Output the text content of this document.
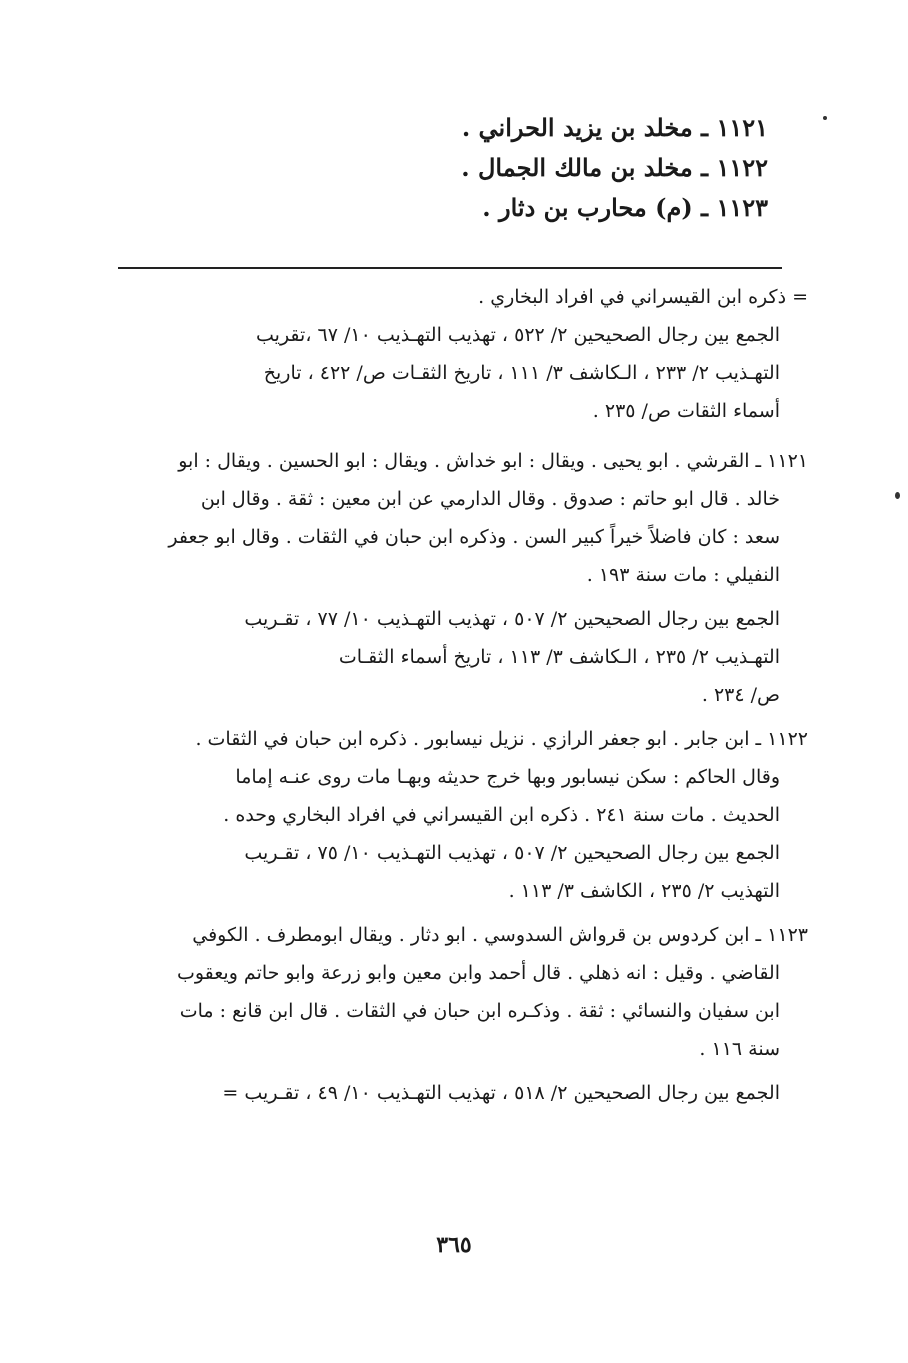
١١٢١ ـ مخلد بن يزيد الحراني .
١١٢٢ ـ مخلد بن مالك الجمال .
١١٢٣ ـ (م) محارب بن دثار .
= ذكره ابن القيسراني في افراد البخاري .
الجمع بين رجال الصحيحين ٢/ ٥٢٢ ، تهذيب التهـذيب ١٠/ ٦٧ ،تقريب
التهـذيب ٢/ ٢٣٣ ، الـكاشف ٣/ ١١١ ، تاريخ الثقـات ص/ ٤٢٢ ، تاريخ
أسماء الثقات ص/ ٢٣٥ .
١١٢١ ـ القرشي . ابو يحيى . ويقال : ابو خداش . ويقال : ابو الحسين . ويقال : ابو
خالد . قال ابو حاتم : صدوق . وقال الدارمي عن ابن معين : ثقة . وقال ابن
سعد : كان فاضلاً خيراً كبير السن . وذكره ابن حبان في الثقات . وقال ابو جعفر
النفيلي : مات سنة ١٩٣ .
الجمع بين رجال الصحيحين ٢/ ٥٠٧ ، تهذيب التهـذيب ١٠/ ٧٧ ، تقـريب
التهـذيب ٢/ ٢٣٥ ، الـكاشف ٣/ ١١٣ ، تاريخ أسماء الثقـات
ص/ ٢٣٤ .
١١٢٢ ـ ابن جابر . ابو جعفر الرازي . نزيل نيسابور . ذكره ابن حبان في الثقات .
وقال الحاكم : سكن نيسابور وبها خرج حديثه وبهـا مات روى عنـه إماما
الحديث . مات سنة ٢٤١ . ذكره ابن القيسراني في افراد البخاري وحده .
الجمع بين رجال الصحيحين ٢/ ٥٠٧ ، تهذيب التهـذيب ١٠/ ٧٥ ، تقـريب
التهذيب ٢/ ٢٣٥ ، الكاشف ٣/ ١١٣ .
١١٢٣ ـ ابن كردوس بن قرواش السدوسي . ابو دثار . ويقال ابومطرف . الكوفي
القاضي . وقيل : انه ذهلي . قال أحمد وابن معين وابو زرعة وابو حاتم ويعقوب
ابن سفيان والنسائي : ثقة . وذكـره ابن حبان في الثقات . قال ابن قانع : مات
سنة ١١٦ .
الجمع بين رجال الصحيحين ٢/ ٥١٨ ، تهذيب التهـذيب ١٠/ ٤٩ ، تقـريب =
٣٦٥
